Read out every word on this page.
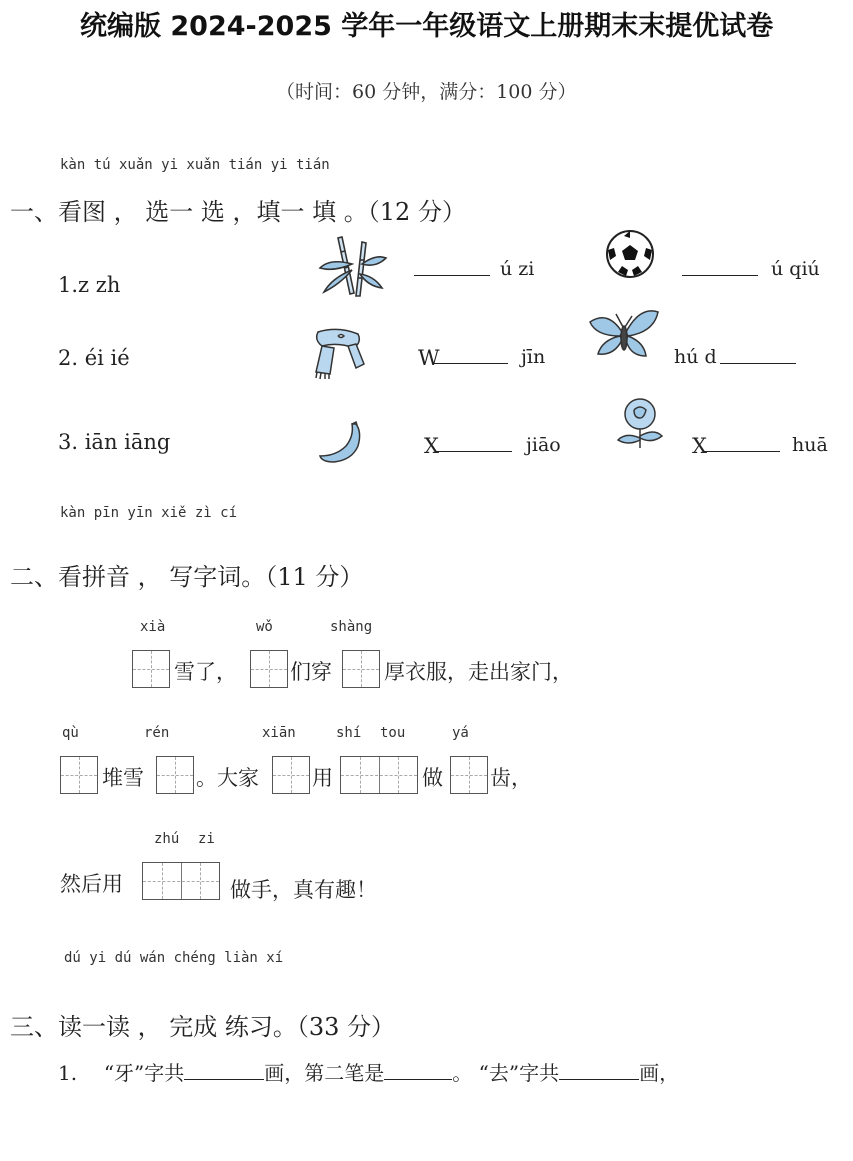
统编版 2024-2025 学年一年级语文上册期末末提优试卷
（时间：60 分钟，满分：100 分）
kàn tú xuǎn yi xuǎn tián yi tián
一、看图 ， 选一 选 ，填一 填 。（12 分）
1.z zh
ú zi	ú qiú
2. éi ié	W	jīn	hú d
3. iān iāng	X	jiāo	X	huā
kàn pīn yīn xiě zì cí
二、看拼音 ， 写字词。（11 分）
xià	wǒ	shàng
雪了，	们穿 厚衣服，走出家门，
qù	rén	xiān	shí tou	yá
堆雪 。大家	用	做 齿，
zhú zi
然后用	做手，真有趣！
dú yi dú wán chéng liàn xí
三、读一读 ， 完成 练习。（33 分）
1. “牙”字共	画，第二笔是	。 “去”字共	画，
